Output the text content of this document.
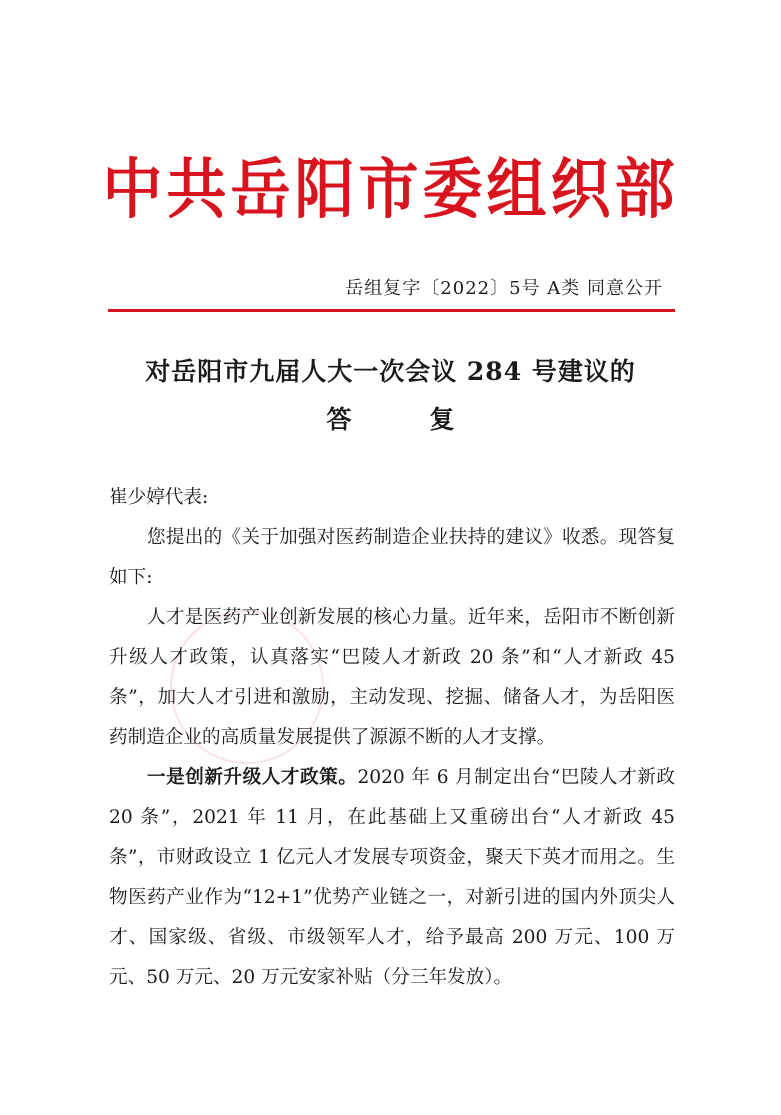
中共岳阳市委组织部
岳组复字〔2022〕5号 A类 同意公开
对岳阳市九届人大一次会议 284 号建议的
答	复

崔少婷代表:

您提出的《关于加强对医药制造企业扶持的建议》收悉。现答复如下:

人才是医药产业创新发展的核心力量。近年来，岳阳市不断创新升级人才政策，认真落实“巴陵人才新政 20 条”和“人才新政 45 条”，加大人才引进和激励，主动发现、挖掘、储备人才，为岳阳医药制造企业的高质量发展提供了源源不断的人才支撑。

一是创新升级人才政策。2020 年 6 月制定出台“巴陵人才新政 20 条”，2021 年 11 月，在此基础上又重磅出台“人才新政 45 条”，市财政设立 1 亿元人才发展专项资金，聚天下英才而用之。生物医药产业作为“12+1”优势产业链之一，对新引进的国内外顶尖人才、国家级、省级、市级领军人才，给予最高 200 万元、100 万元、50 万元、20 万元安家补贴（分三年发放）。
